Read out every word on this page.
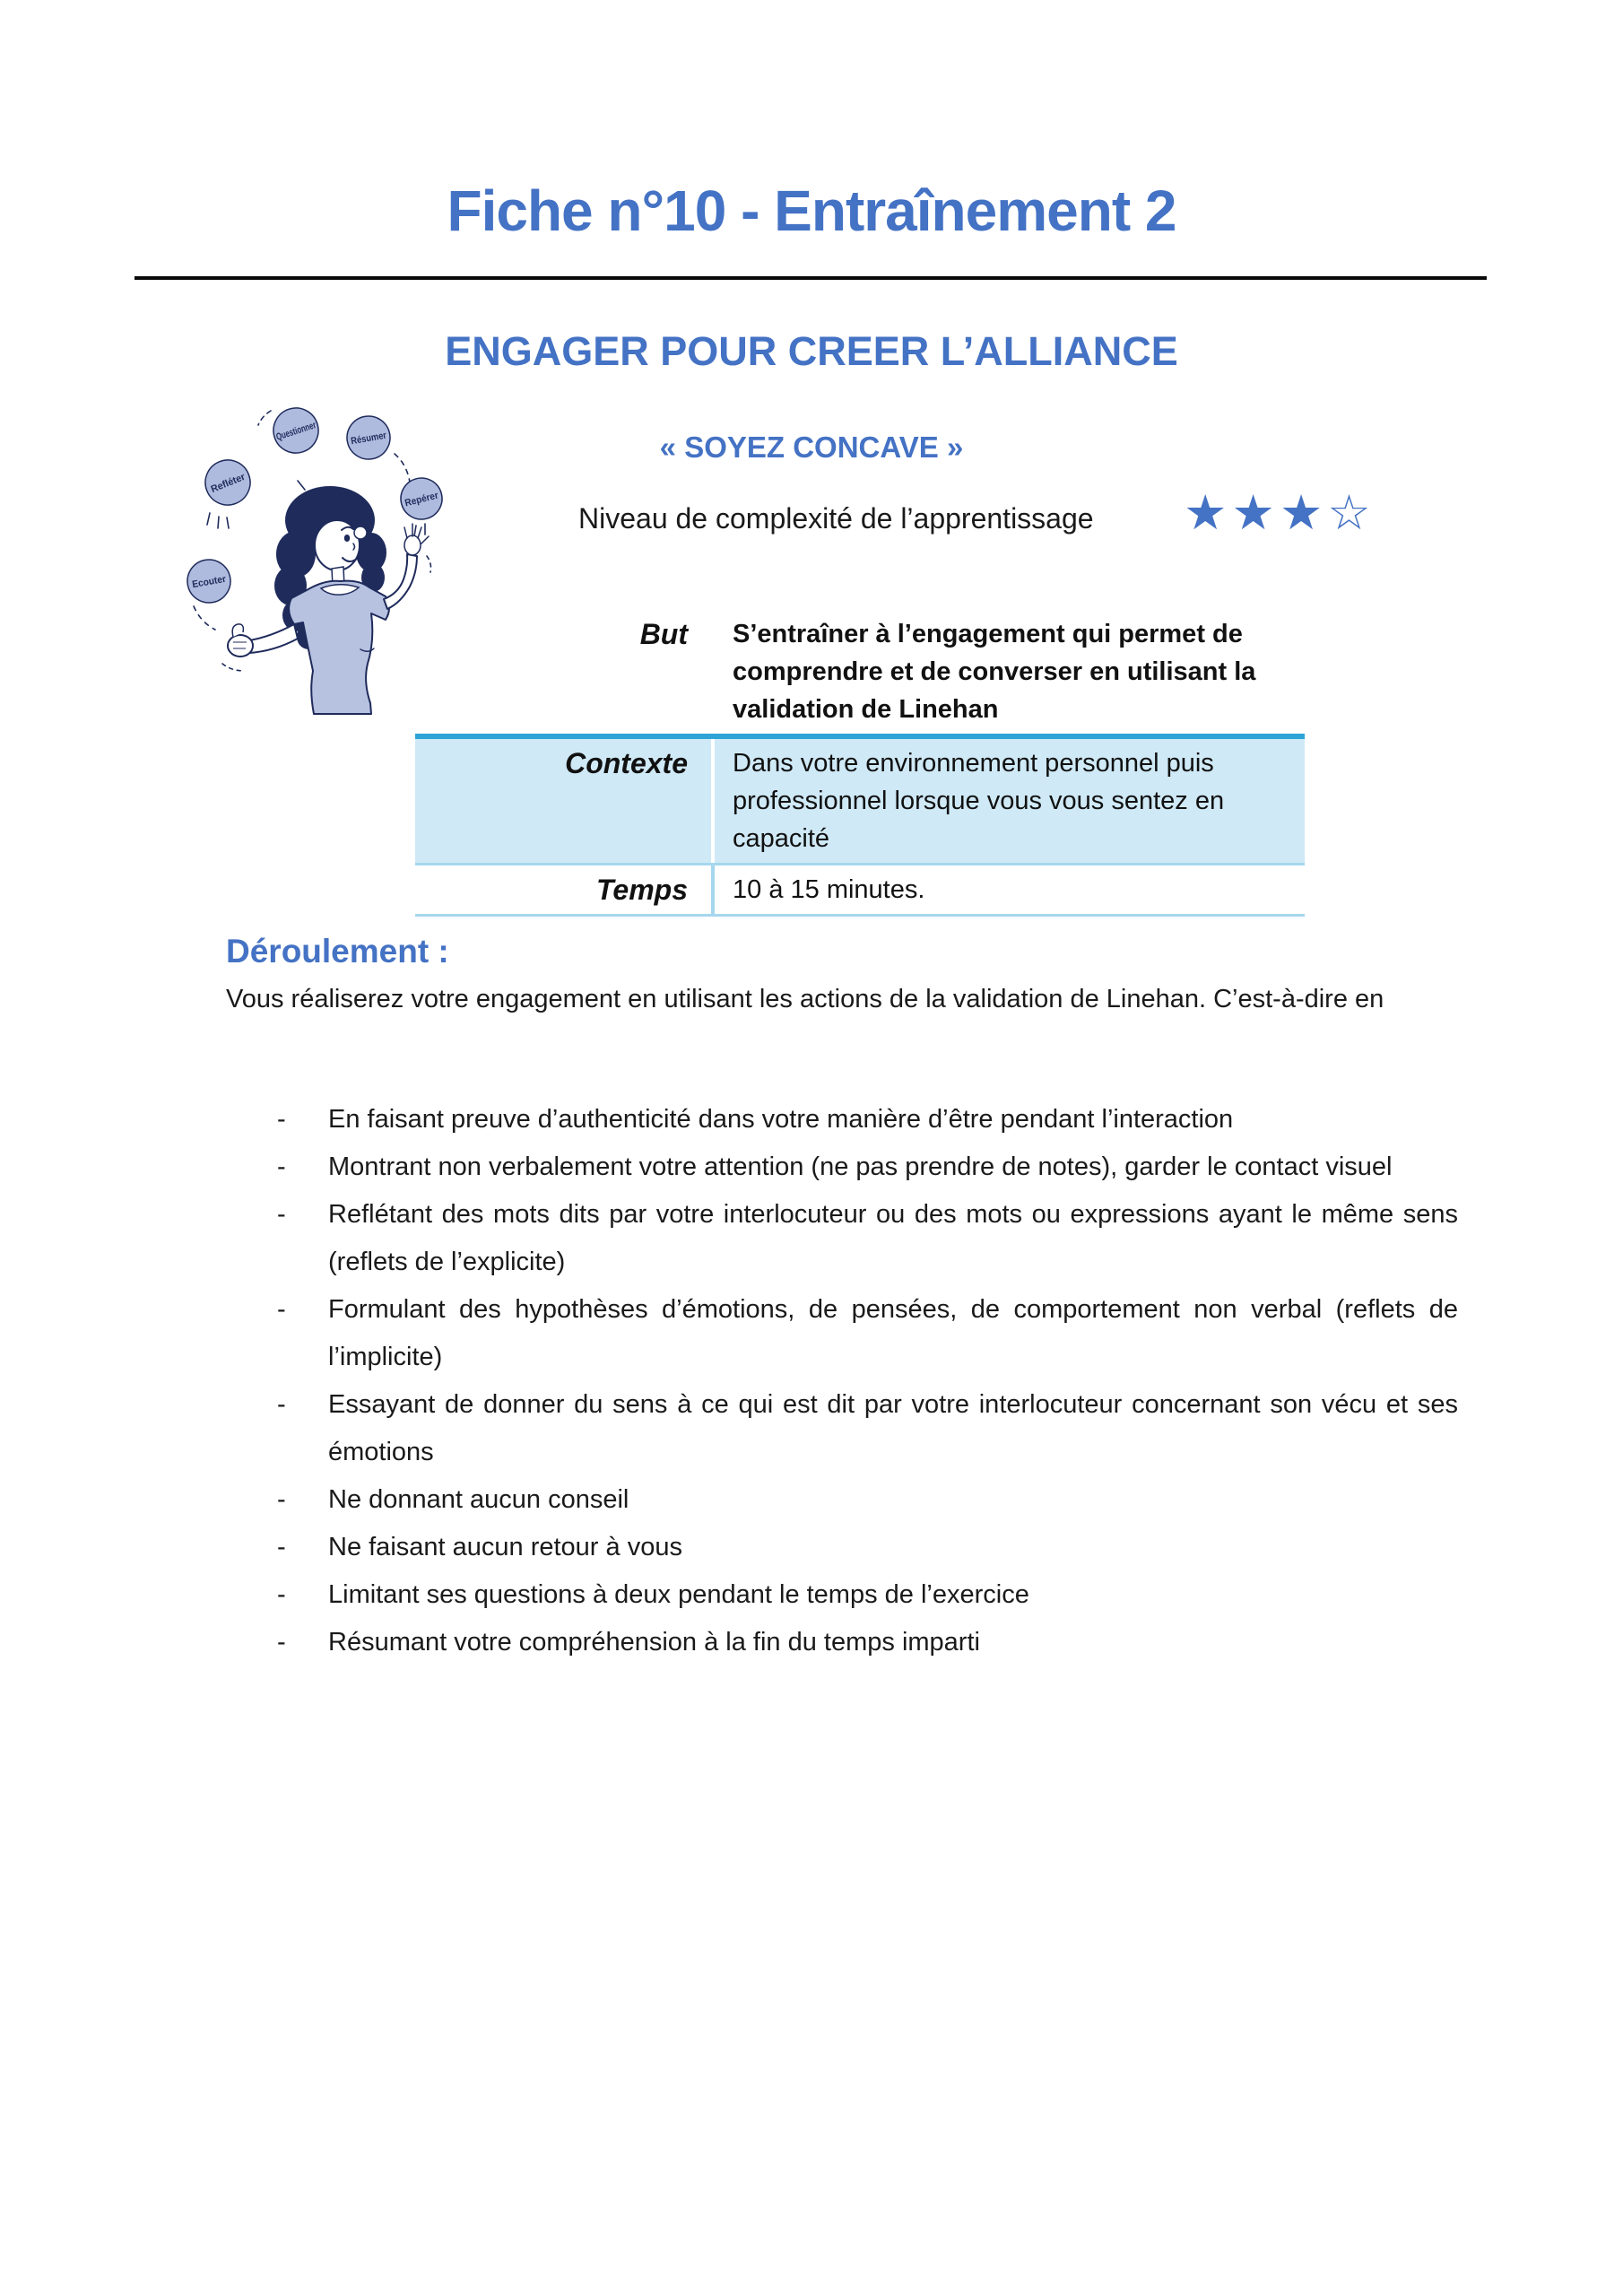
Fiche n°10 - Entraînement 2
ENGAGER POUR CREER L’ALLIANCE
« SOYEZ CONCAVE »
Niveau de complexité de l’apprentissage ★★★☆
Questionner Résumer
Refléter
Repérer
Ecouter
But	S’entraîner à l’engagement qui permet de comprendre et de converser en utilisant la validation de Linehan
Contexte	Dans votre environnement personnel puis professionnel lorsque vous vous sentez en capacité
Temps	10 à 15 minutes.
Déroulement :
Vous réaliserez votre engagement en utilisant les actions de la validation de Linehan. C’est-à-dire en
- En faisant preuve d’authenticité dans votre manière d’être pendant l’interaction
- Montrant non verbalement votre attention (ne pas prendre de notes), garder le contact visuel
- Reflétant des mots dits par votre interlocuteur ou des mots ou expressions ayant le même sens (reflets de l’explicite)
- Formulant des hypothèses d’émotions, de pensées, de comportement non verbal (reflets de l’implicite)
- Essayant de donner du sens à ce qui est dit par votre interlocuteur concernant son vécu et ses émotions
- Ne donnant aucun conseil
- Ne faisant aucun retour à vous
- Limitant ses questions à deux pendant le temps de l’exercice
- Résumant votre compréhension à la fin du temps imparti
